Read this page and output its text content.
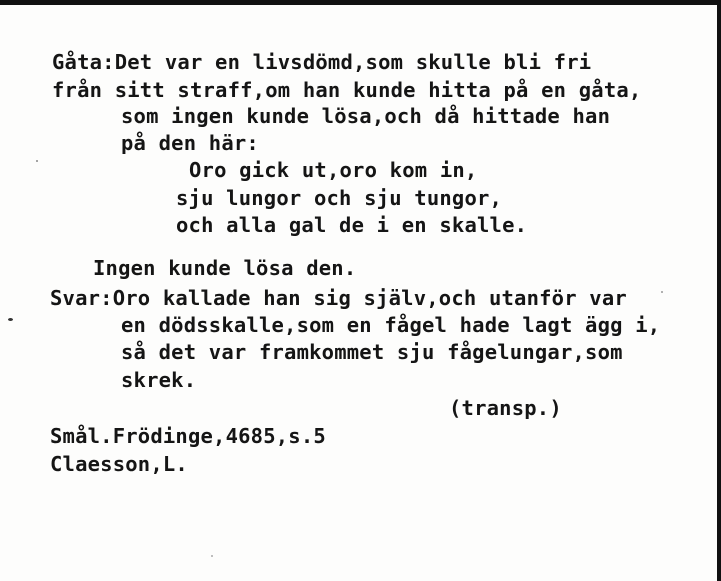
Gåta:Det var en livsdömd,som skulle bli fri
från sitt straff,om han kunde hitta på en gåta,
som ingen kunde lösa,och då hittade han
på den här:
Oro gick ut,oro kom in,
sju lungor och sju tungor,
och alla gal de i en skalle.
Ingen kunde lösa den.
Svar:Oro kallade han sig själv,och utanför var
en dödsskalle,som en fågel hade lagt ägg i,
så det var framkommet sju fågelungar,som
skrek.
(transp.)
Smål.Frödinge,4685,s.5
Claesson,L.
